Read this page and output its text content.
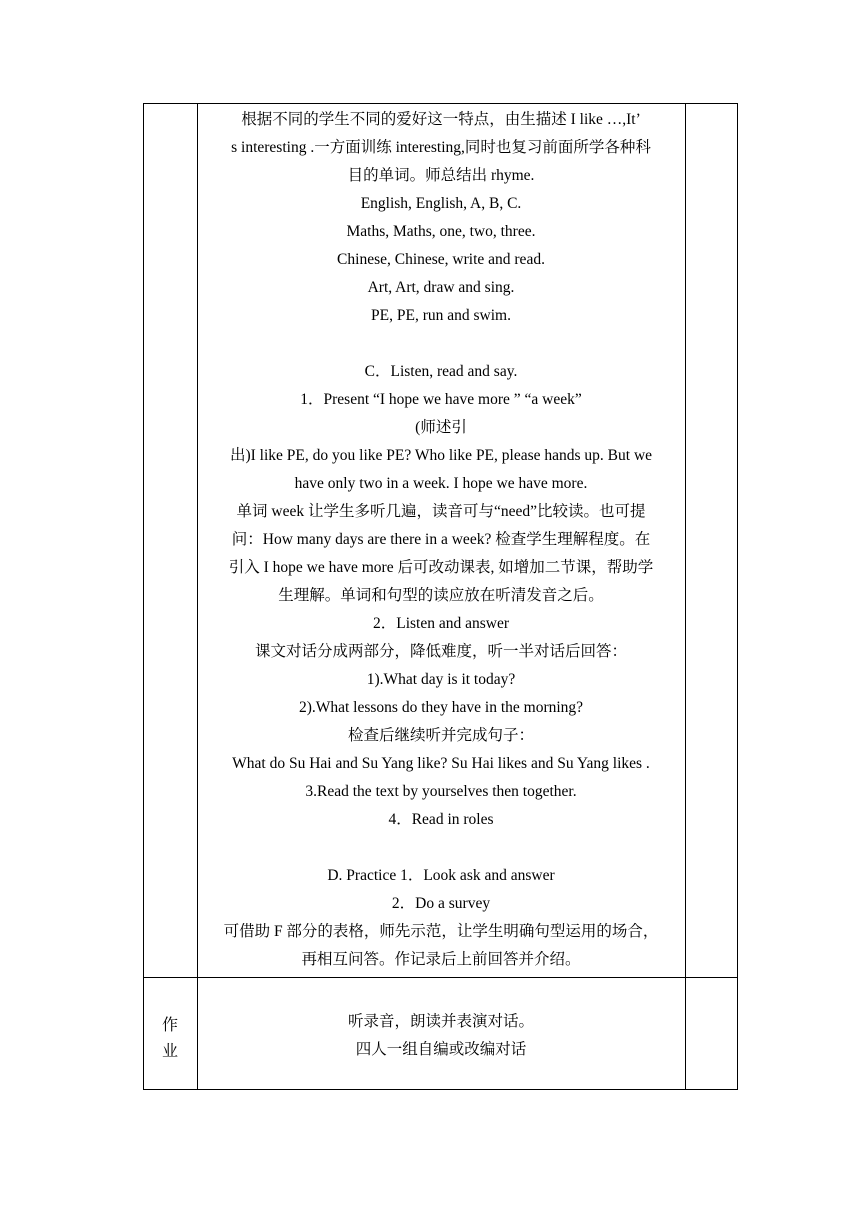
根据不同的学生不同的爱好这一特点，由生描述 I like …,It’

s interesting .一方面训练 interesting,同时也复习前面所学各种科

目的单词。师总结出 rhyme.

English, English, A, B, C.

Maths, Maths, one, two, three.

Chinese, Chinese, write and read.

Art, Art, draw and sing.

PE, PE, run and swim.

C．Listen, read and say.

1．Present “I hope we have more ” “a week”

(师述引

出)I like PE, do you like PE? Who like PE, please hands up. But we

have only two in a week. I hope we have more.

单词 week 让学生多听几遍，读音可与“need”比较读。也可提

问：How many days are there in a week? 检查学生理解程度。在

引入 I hope we have more 后可改动课表, 如增加二节课，帮助学

生理解。单词和句型的读应放在听清发音之后。

2．Listen and answer

课文对话分成两部分，降低难度，听一半对话后回答：

1).What day is it today?

2).What lessons do they have in the morning?

检查后继续听并完成句子：

What do Su Hai and Su Yang like? Su Hai likes and Su Yang likes .

3.Read the text by yourselves then together.

4．Read in roles

D. Practice 1．Look ask and answer

2．Do a survey

可借助 F 部分的表格，师先示范，让学生明确句型运用的场合，

再相互问答。作记录后上前回答并介绍。

作
业

听录音，朗读并表演对话。

四人一组自编或改编对话
